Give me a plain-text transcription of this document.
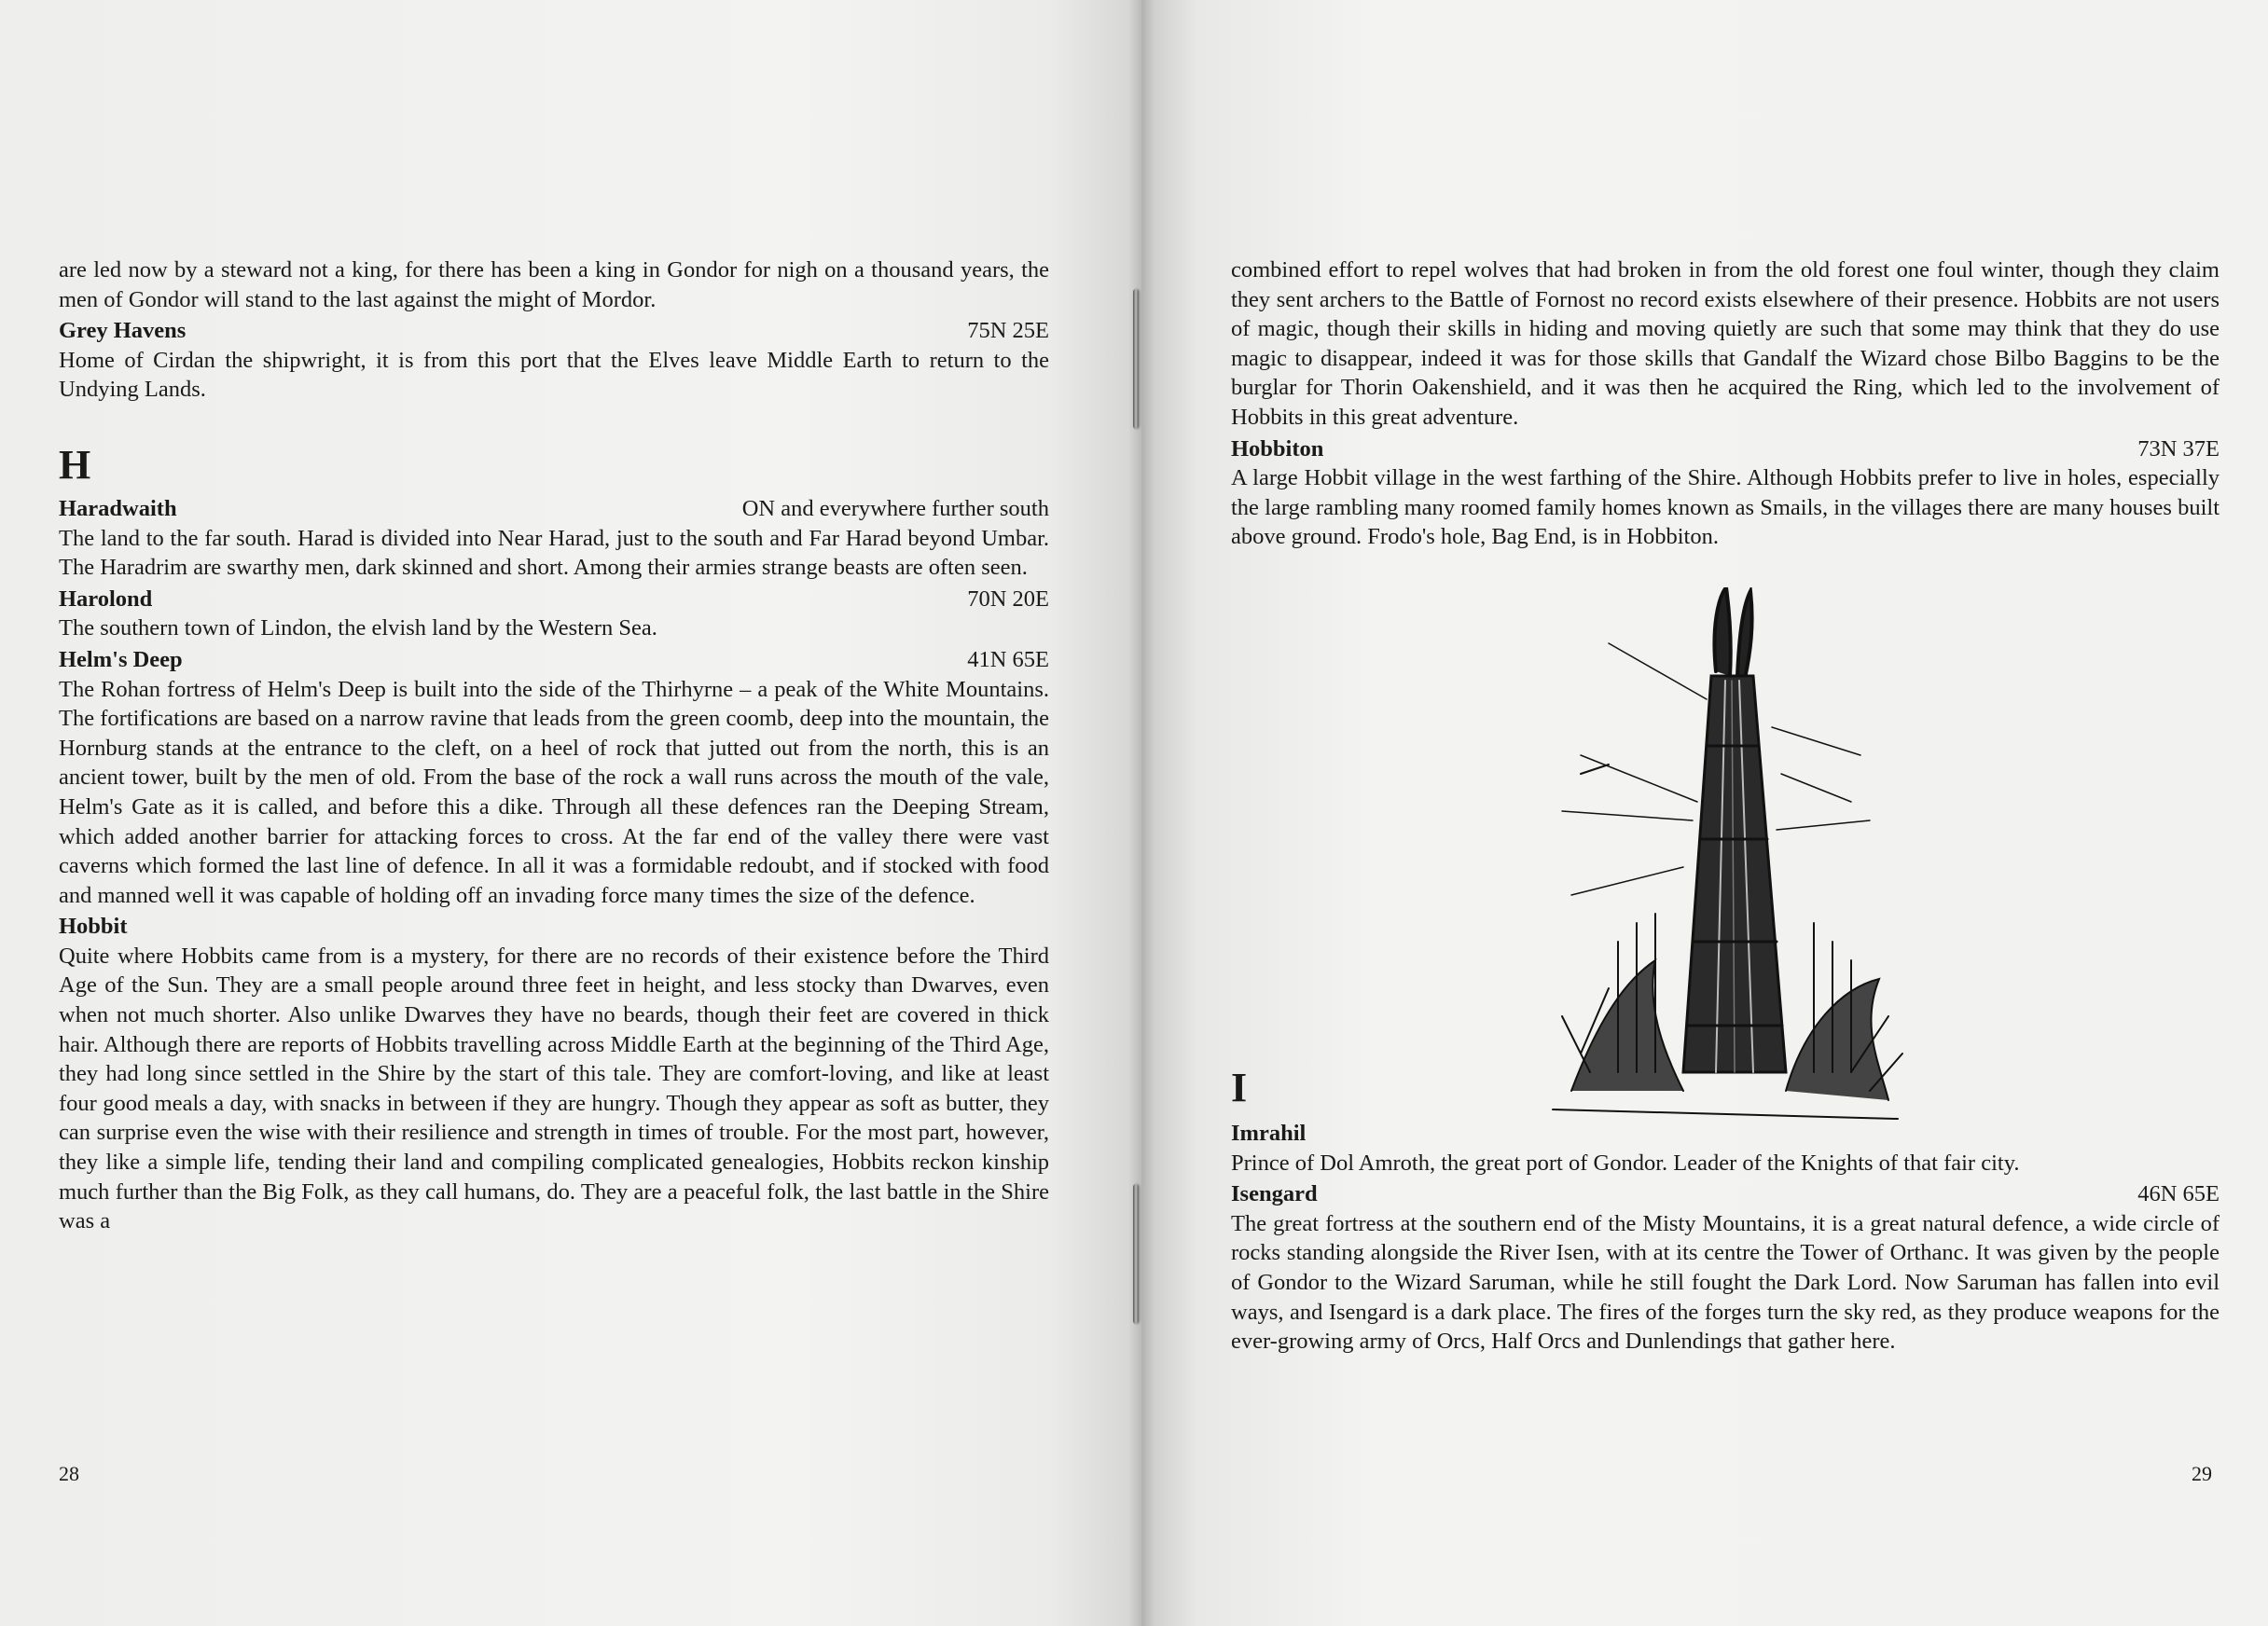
are led now by a steward not a king, for there has been a king in Gondor for nigh on a thousand years, the men of Gondor will stand to the last against the might of Mordor.

Grey Havens	75N 25E

Home of Cirdan the shipwright, it is from this port that the Elves leave Middle Earth to return to the Undying Lands.

H
Haradwaith	ON and everywhere further south

The land to the far south. Harad is divided into Near Harad, just to the south and Far Harad beyond Umbar. The Haradrim are swarthy men, dark skinned and short. Among their armies strange beasts are often seen.

Harolond	70N 20E

The southern town of Lindon, the elvish land by the Western Sea.

Helm's Deep	41N 65E

The Rohan fortress of Helm's Deep is built into the side of the Thirhyrne – a peak of the White Mountains. The fortifications are based on a narrow ravine that leads from the green coomb, deep into the mountain, the Hornburg stands at the entrance to the cleft, on a heel of rock that jutted out from the north, this is an ancient tower, built by the men of old. From the base of the rock a wall runs across the mouth of the vale, Helm's Gate as it is called, and before this a dike. Through all these defences ran the Deeping Stream, which added another barrier for attacking forces to cross. At the far end of the valley there were vast caverns which formed the last line of defence. In all it was a formidable redoubt, and if stocked with food and manned well it was capable of holding off an invading force many times the size of the defence.

Hobbit

Quite where Hobbits came from is a mystery, for there are no records of their existence before the Third Age of the Sun. They are a small people around three feet in height, and less stocky than Dwarves, even when not much shorter. Also unlike Dwarves they have no beards, though their feet are covered in thick hair. Although there are reports of Hobbits travelling across Middle Earth at the beginning of the Third Age, they had long since settled in the Shire by the start of this tale. They are comfort-loving, and like at least four good meals a day, with snacks in between if they are hungry. Though they appear as soft as butter, they can surprise even the wise with their resilience and strength in times of trouble. For the most part, however, they like a simple life, tending their land and compiling complicated genealogies, Hobbits reckon kinship much further than the Big Folk, as they call humans, do. They are a peaceful folk, the last battle in the Shire was a

28

combined effort to repel wolves that had broken in from the old forest one foul winter, though they claim they sent archers to the Battle of Fornost no record exists elsewhere of their presence. Hobbits are not users of magic, though their skills in hiding and moving quietly are such that some may think that they do use magic to disappear, indeed it was for those skills that Gandalf the Wizard chose Bilbo Baggins to be the burglar for Thorin Oakenshield, and it was then he acquired the Ring, which led to the involvement of Hobbits in this great adventure.

Hobbiton	73N 37E

A large Hobbit village in the west farthing of the Shire. Although Hobbits prefer to live in holes, especially the large rambling many roomed family homes known as Smails, in the villages there are many houses built above ground. Frodo's hole, Bag End, is in Hobbiton.

I
Imrahil

Prince of Dol Amroth, the great port of Gondor. Leader of the Knights of that fair city.

Isengard	46N 65E

The great fortress at the southern end of the Misty Mountains, it is a great natural defence, a wide circle of rocks standing alongside the River Isen, with at its centre the Tower of Orthanc. It was given by the people of Gondor to the Wizard Saruman, while he still fought the Dark Lord. Now Saruman has fallen into evil ways, and Isengard is a dark place. The fires of the forges turn the sky red, as they produce weapons for the ever-growing army of Orcs, Half Orcs and Dunlendings that gather here.

29
